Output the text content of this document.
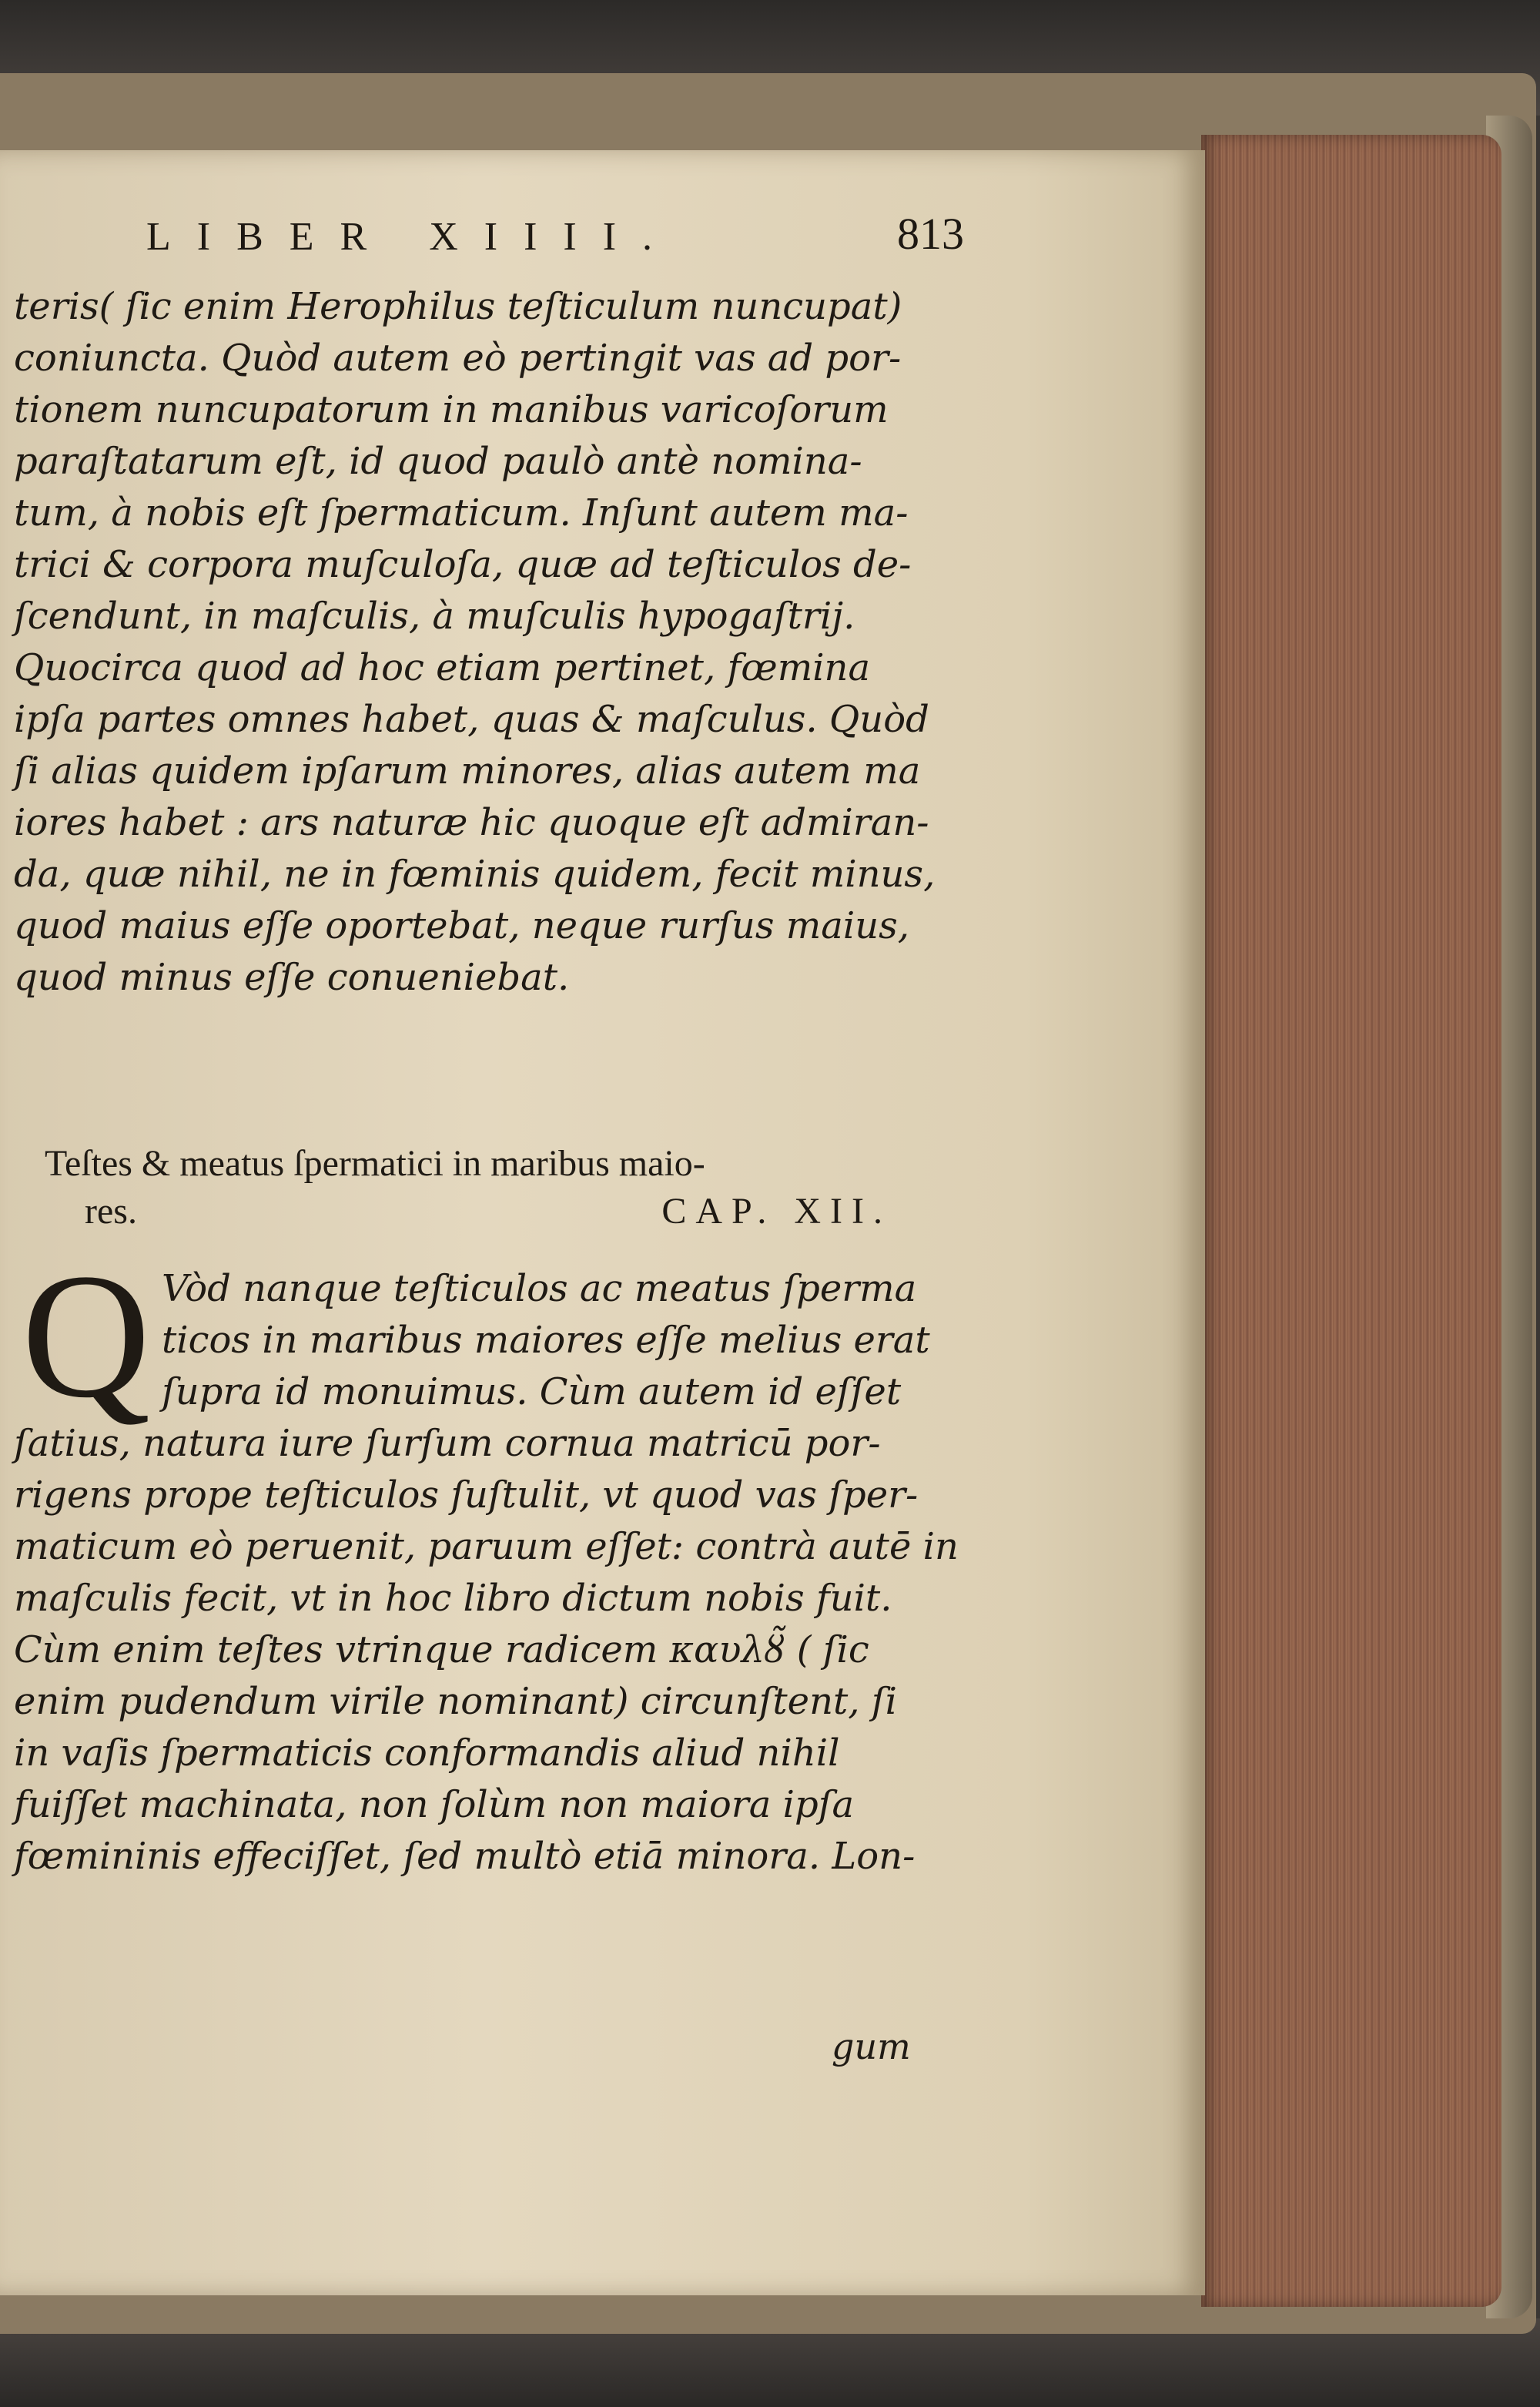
LIBER XIIII.	813
teris( ſic enim Herophilus teſticulum nuncupat)
coniuncta. Quòd autem eò pertingit vas ad por-
tionem nuncupatorum in manibus varicoſorum
paraſtatarum eſt, id quod paulò antè nomina-
tum, à nobis eſt ſpermaticum. Inſunt autem ma-
trici & corpora muſculoſa, quæ ad teſticulos de-
ſcendunt, in maſculis, à muſculis hypogaſtrij.
Quocirca quod ad hoc etiam pertinet, fœmina
ipſa partes omnes habet, quas & maſculus. Quòd
ſi alias quidem ipſarum minores, alias autem ma
iores habet : ars naturæ hic quoque eſt admiran-
da, quæ nihil, ne in fœminis quidem, fecit minus,
quod maius eſſe oportebat, neque rurſus maius,
quod minus eſſe conueniebat.
Teſtes & meatus ſpermatici in maribus maio-
res.	CAP. XII.
Q Vòd nanque teſticulos ac meatus ſperma
ticos in maribus maiores eſſe melius erat
ſupra id monuimus. Cùm autem id eſſet
ſatius, natura iure ſurſum cornua matricū por-
rigens prope teſticulos ſuſtulit, vt quod vas ſper-
maticum eò peruenit, paruum eſſet: contrà autē in
maſculis fecit, vt in hoc libro dictum nobis fuit.
Cùm enim teſtes vtrinque radicem καυλȣ̃ ( ſic
enim pudendum virile nominant) circunſtent, ſi
in vaſis ſpermaticis conformandis aliud nihil
fuiſſet machinata, non ſolùm non maiora ipſa
fœmininis effeciſſet, ſed multò etiā minora. Lon-
gum
